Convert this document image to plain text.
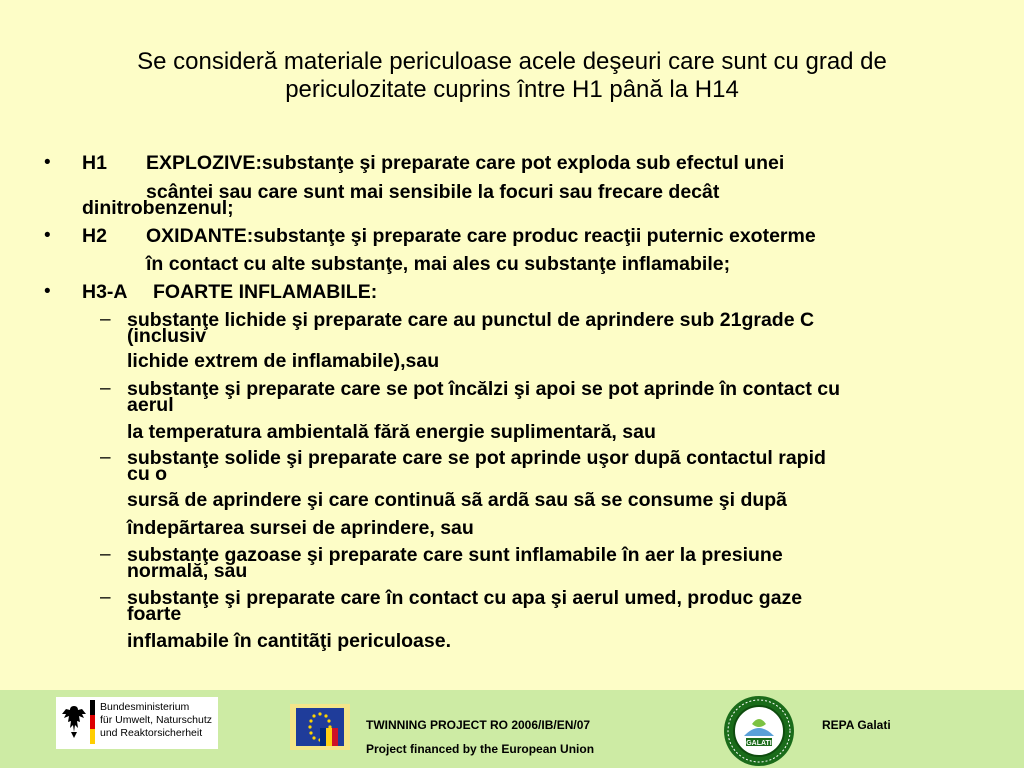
Se consideră materiale periculoase acele deşeuri care sunt cu grad de
periculozitate cuprins între H1 până la H14
• H1 EXPLOZIVE:substanţe şi preparate care pot exploda sub efectul unei
scântei sau care sunt mai sensibile la focuri sau frecare decât
dinitrobenzenul;
• H2 OXIDANTE:substanţe şi preparate care produc reacţii puternic exoterme
în contact cu alte substanţe, mai ales cu substanţe inflamabile;
• H3-A FOARTE INFLAMABILE:
– substanţe lichide şi preparate care au punctul de aprindere sub 21grade C
(inclusiv
lichide extrem de inflamabile),sau
– substanţe şi preparate care se pot încălzi şi apoi se pot aprinde în contact cu
aerul
la temperatura ambientală fără energie suplimentară, sau
– substanţe solide şi preparate care se pot aprinde uşor dupã contactul rapid
cu o
sursã de aprindere şi care continuã sã ardã sau sã se consume şi dupã
îndepãrtarea sursei de aprindere, sau
– substanţe gazoase şi preparate care sunt inflamabile în aer la presiune
normală, sau
– substanţe şi preparate care în contact cu apa şi aerul umed, produc gaze
foarte
inflamabile în cantitãţi periculoase.
Bundesministerium
für Umwelt, Naturschutz
und Reaktorsicherheit
TWINNING PROJECT RO 2006/IB/EN/07
Project financed by the European Union	GALATI
REPA Galati
